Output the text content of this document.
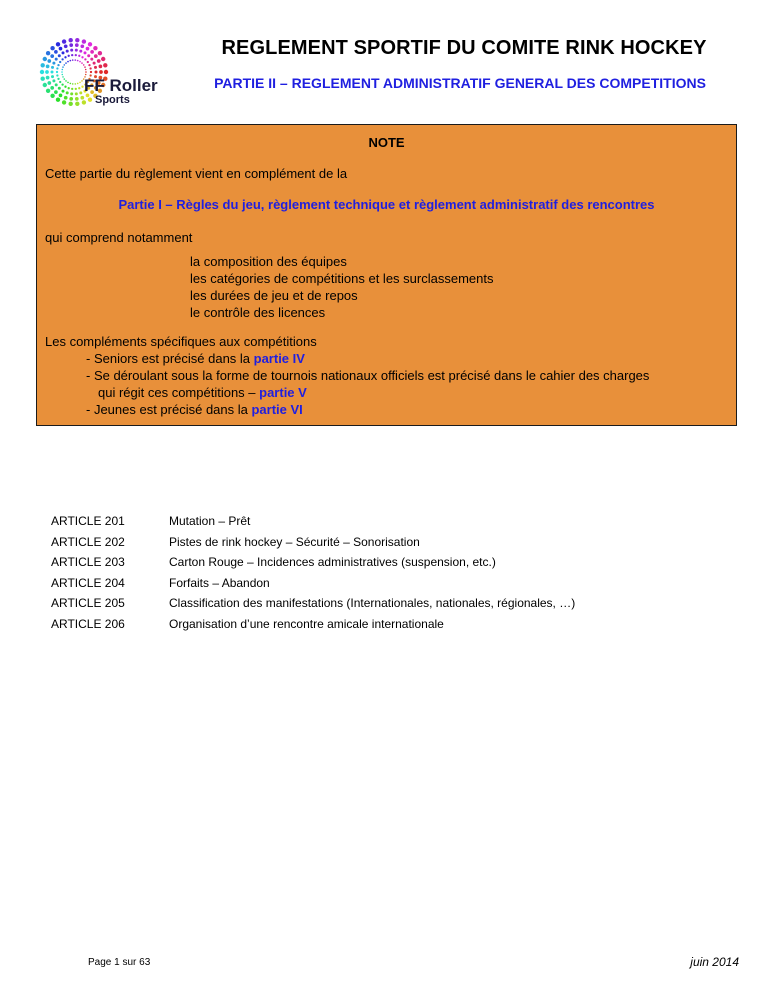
FF Roller
Sports
REGLEMENT SPORTIF DU COMITE RINK HOCKEY
PARTIE II – REGLEMENT ADMINISTRATIF GENERAL DES COMPETITIONS
NOTE
Cette partie du règlement vient en complément de la
Partie I – Règles du jeu, règlement technique et règlement administratif des rencontres
qui comprend notamment
la composition des équipes
les catégories de compétitions et les surclassements
les durées de jeu et de repos
le contrôle des licences
Les compléments spécifiques aux compétitions
- Seniors est précisé dans la partie IV
- Se déroulant sous la forme de tournois nationaux officiels est précisé dans le cahier des charges
qui régit ces compétitions – partie V
- Jeunes est précisé dans la partie VI
ARTICLE 201	Mutation – Prêt
ARTICLE 202	Pistes de rink hockey – Sécurité – Sonorisation
ARTICLE 203	Carton Rouge – Incidences administratives (suspension, etc.)
ARTICLE 204	Forfaits – Abandon
ARTICLE 205	Classification des manifestations (Internationales, nationales, régionales, …)
ARTICLE 206	Organisation d’une rencontre amicale internationale
Page 1 sur 63	juin 2014
